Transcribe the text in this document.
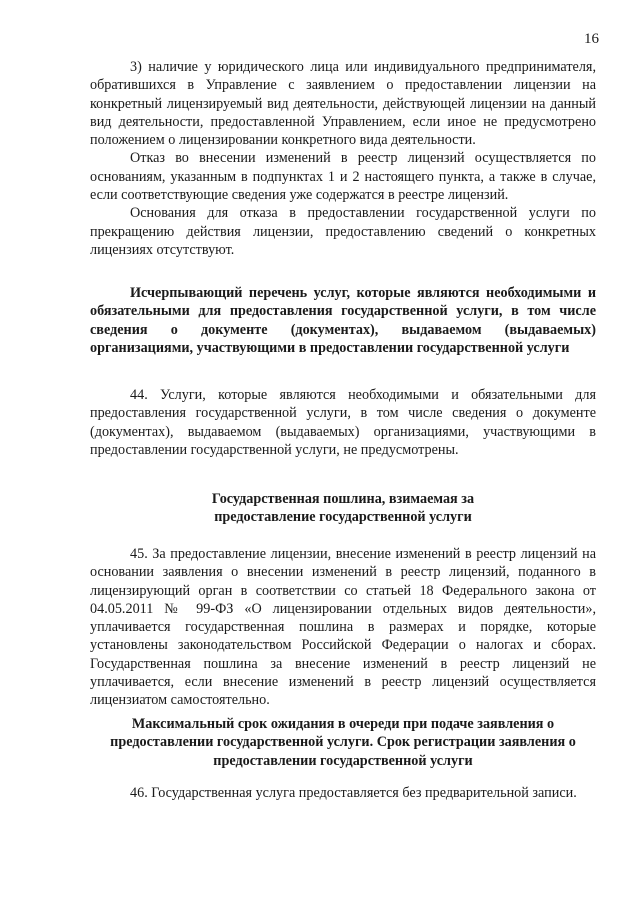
16

3) наличие у юридического лица или индивидуального предпринимателя, обратившихся в Управление с заявлением о предоставлении лицензии на конкретный лицензируемый вид деятельности, действующей лицензии на данный вид деятельности, предоставленной Управлением, если иное не предусмотрено положением о лицензировании конкретного вида деятельности.

Отказ во внесении изменений в реестр лицензий осуществляется по основаниям, указанным в подпунктах 1 и 2 настоящего пункта, а также в случае, если соответствующие сведения уже содержатся в реестре лицензий.

Основания для отказа в предоставлении государственной услуги по прекращению действия лицензии, предоставлению сведений о конкретных лицензиях отсутствуют.

Исчерпывающий перечень услуг, которые являются необходимыми и обязательными для предоставления государственной услуги, в том числе сведения о документе (документах), выдаваемом (выдаваемых) организациями, участвующими в предоставлении государственной услуги

44. Услуги, которые являются необходимыми и обязательными для предоставления государственной услуги, в том числе сведения о документе (документах), выдаваемом (выдаваемых) организациями, участвующими в предоставлении государственной услуги, не предусмотрены.

Государственная пошлина, взимаемая за
предоставление государственной услуги

45. За предоставление лицензии, внесение изменений в реестр лицензий на основании заявления о внесении изменений в реестр лицензий, поданного в лицензирующий орган в соответствии со статьей 18 Федерального закона от 04.05.2011 № 99-ФЗ «О лицензировании отдельных видов деятельности», уплачивается государственная пошлина в размерах и порядке, которые установлены законодательством Российской Федерации о налогах и сборах. Государственная пошлина за внесение изменений в реестр лицензий не уплачивается, если внесение изменений в реестр лицензий осуществляется лицензиатом самостоятельно.

Максимальный срок ожидания в очереди при подаче заявления о предоставлении государственной услуги. Срок регистрации заявления о предоставлении государственной услуги

46. Государственная услуга предоставляется без предварительной записи.
